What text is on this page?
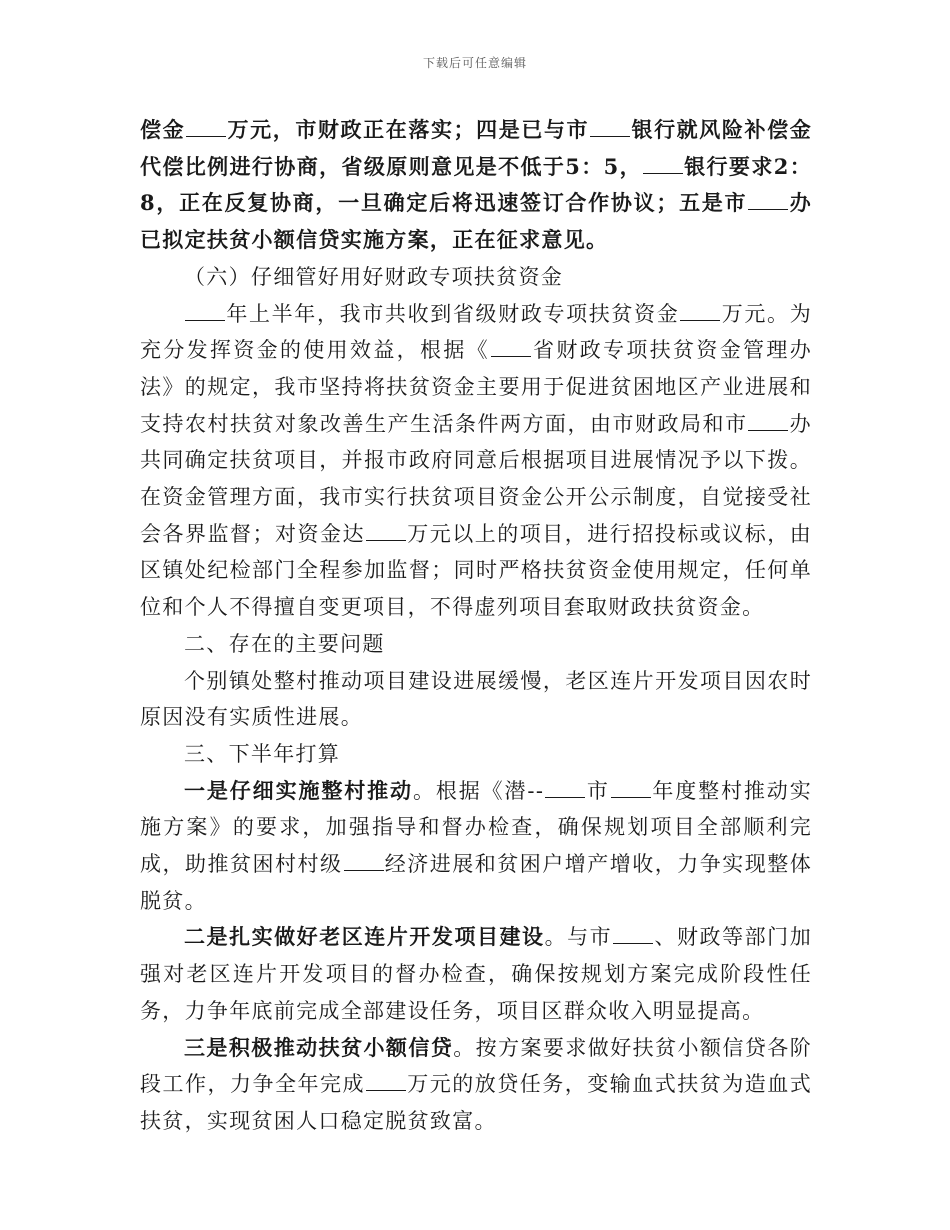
下载后可任意编辑

偿金 万元，市财政正在落实；四是已与市 银行就风险补偿金代偿比例进行协商，省级原则意见是不低于5：5， 银行要求2：8，正在反复协商，一旦确定后将迅速签订合作协议；五是市 办已拟定扶贫小额信贷实施方案，正在征求意见。

（六）仔细管好用好财政专项扶贫资金

年上半年，我市共收到省级财政专项扶贫资金 万元。为充分发挥资金的使用效益，根据《 省财政专项扶贫资金管理办法》的规定，我市坚持将扶贫资金主要用于促进贫困地区产业进展和支持农村扶贫对象改善生产生活条件两方面，由市财政局和市 办共同确定扶贫项目，并报市政府同意后根据项目进展情况予以下拨。在资金管理方面，我市实行扶贫项目资金公开公示制度，自觉接受社会各界监督；对资金达 万元以上的项目，进行招投标或议标，由区镇处纪检部门全程参加监督；同时严格扶贫资金使用规定，任何单位和个人不得擅自变更项目，不得虚列项目套取财政扶贫资金。

二、存在的主要问题

个别镇处整村推动项目建设进展缓慢，老区连片开发项目因农时原因没有实质性进展。

三、下半年打算

一是仔细实施整村推动。根据《潜-- 市 年度整村推动实施方案》的要求，加强指导和督办检查，确保规划项目全部顺利完成，助推贫困村村级 经济进展和贫困户增产增收，力争实现整体脱贫。

二是扎实做好老区连片开发项目建设。与市 、财政等部门加强对老区连片开发项目的督办检查，确保按规划方案完成阶段性任务，力争年底前完成全部建设任务，项目区群众收入明显提高。

三是积极推动扶贫小额信贷。按方案要求做好扶贫小额信贷各阶段工作，力争全年完成 万元的放贷任务，变输血式扶贫为造血式扶贫，实现贫困人口稳定脱贫致富。
